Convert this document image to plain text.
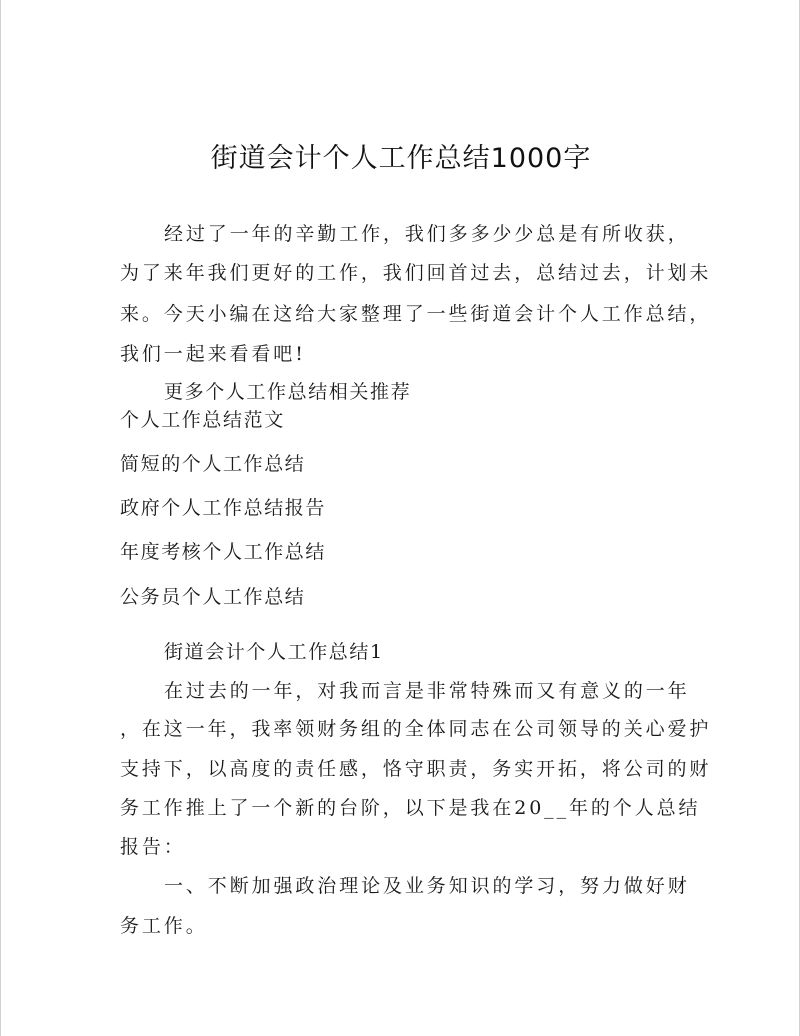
街道会计个人工作总结1000字

经过了一年的辛勤工作，我们多多少少总是有所收获，

为了来年我们更好的工作，我们回首过去，总结过去，计划未

来。今天小编在这给大家整理了一些街道会计个人工作总结，

我们一起来看看吧!

更多个人工作总结相关推荐

个人工作总结范文

简短的个人工作总结

政府个人工作总结报告

年度考核个人工作总结

公务员个人工作总结

街道会计个人工作总结1

在过去的一年，对我而言是非常特殊而又有意义的一年

，在这一年，我率领财务组的全体同志在公司领导的关心爱护

支持下，以高度的责任感，恪守职责，务实开拓，将公司的财

务工作推上了一个新的台阶，以下是我在20__年的个人总结

报告：

一、不断加强政治理论及业务知识的学习，努力做好财

务工作。
